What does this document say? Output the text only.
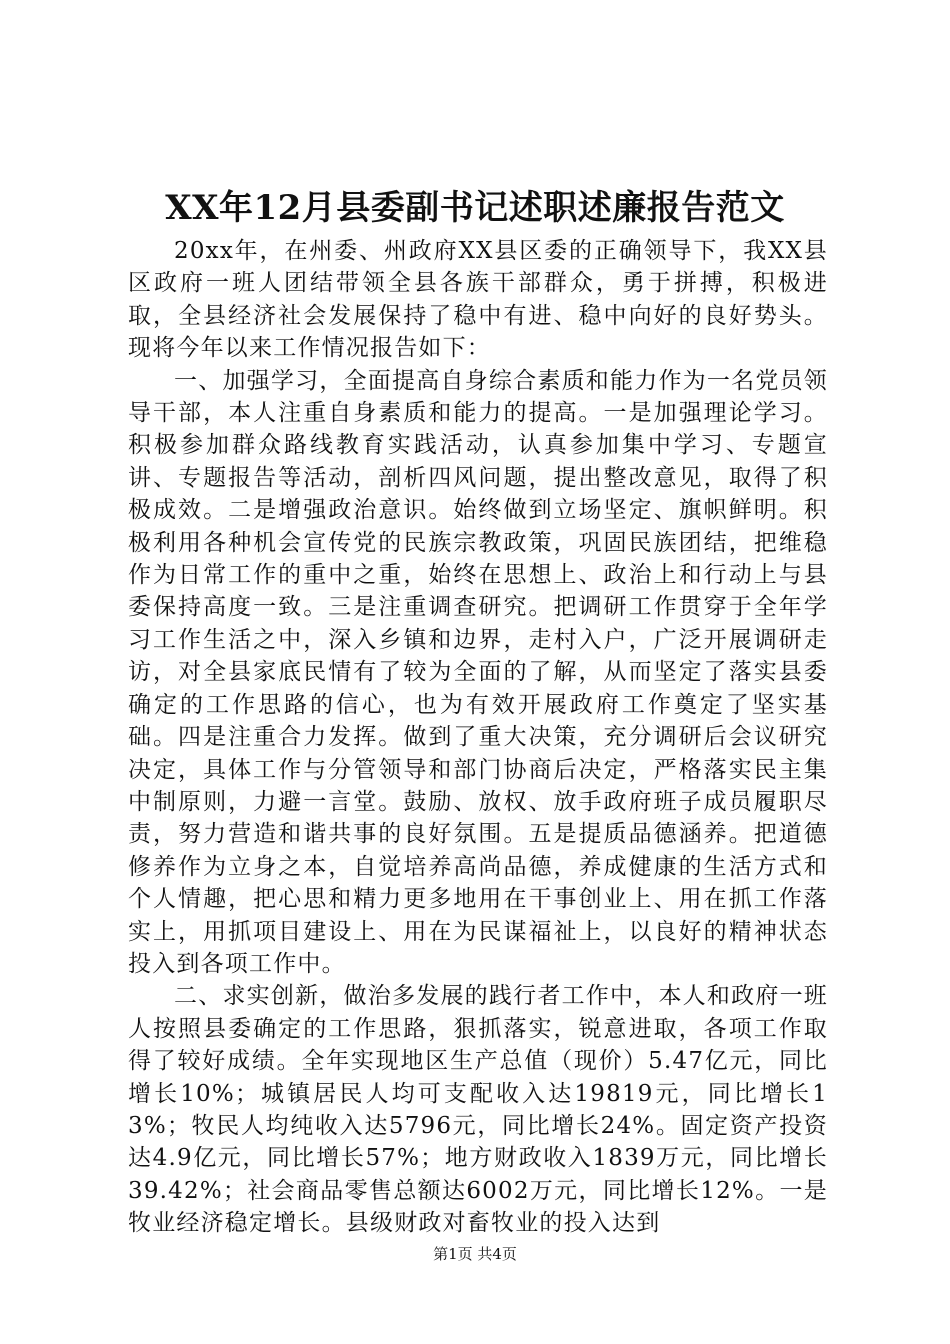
XX年12月县委副书记述职述廉报告范文

20xx年，在州委、州政府XX县区委的正确领导下，我XX县区政府一班人团结带领全县各族干部群众，勇于拼搏，积极进取，全县经济社会发展保持了稳中有进、稳中向好的良好势头。现将今年以来工作情况报告如下：

一、加强学习，全面提高自身综合素质和能力作为一名党员领导干部，本人注重自身素质和能力的提高。一是加强理论学习。积极参加群众路线教育实践活动，认真参加集中学习、专题宣讲、专题报告等活动，剖析四风问题，提出整改意见，取得了积极成效。二是增强政治意识。始终做到立场坚定、旗帜鲜明。积极利用各种机会宣传党的民族宗教政策，巩固民族团结，把维稳作为日常工作的重中之重，始终在思想上、政治上和行动上与县委保持高度一致。三是注重调查研究。把调研工作贯穿于全年学习工作生活之中，深入乡镇和边界，走村入户，广泛开展调研走访，对全县家底民情有了较为全面的了解，从而坚定了落实县委确定的工作思路的信心，也为有效开展政府工作奠定了坚实基础。四是注重合力发挥。做到了重大决策，充分调研后会议研究决定，具体工作与分管领导和部门协商后决定，严格落实民主集中制原则，力避一言堂。鼓励、放权、放手政府班子成员履职尽责，努力营造和谐共事的良好氛围。五是提质品德涵养。把道德修养作为立身之本，自觉培养高尚品德，养成健康的生活方式和个人情趣，把心思和精力更多地用在干事创业上、用在抓工作落实上，用抓项目建设上、用在为民谋福祉上，以良好的精神状态投入到各项工作中。

二、求实创新，做治多发展的践行者工作中，本人和政府一班人按照县委确定的工作思路，狠抓落实，锐意进取，各项工作取得了较好成绩。全年实现地区生产总值（现价）5.47亿元，同比增长10%；城镇居民人均可支配收入达19819元，同比增长13%；牧民人均纯收入达5796元，同比增长24%。固定资产投资达4.9亿元，同比增长57%；地方财政收入1839万元，同比增长39.42%；社会商品零售总额达6002万元，同比增长12%。一是牧业经济稳定增长。县级财政对畜牧业的投入达到

第1页 共4页
